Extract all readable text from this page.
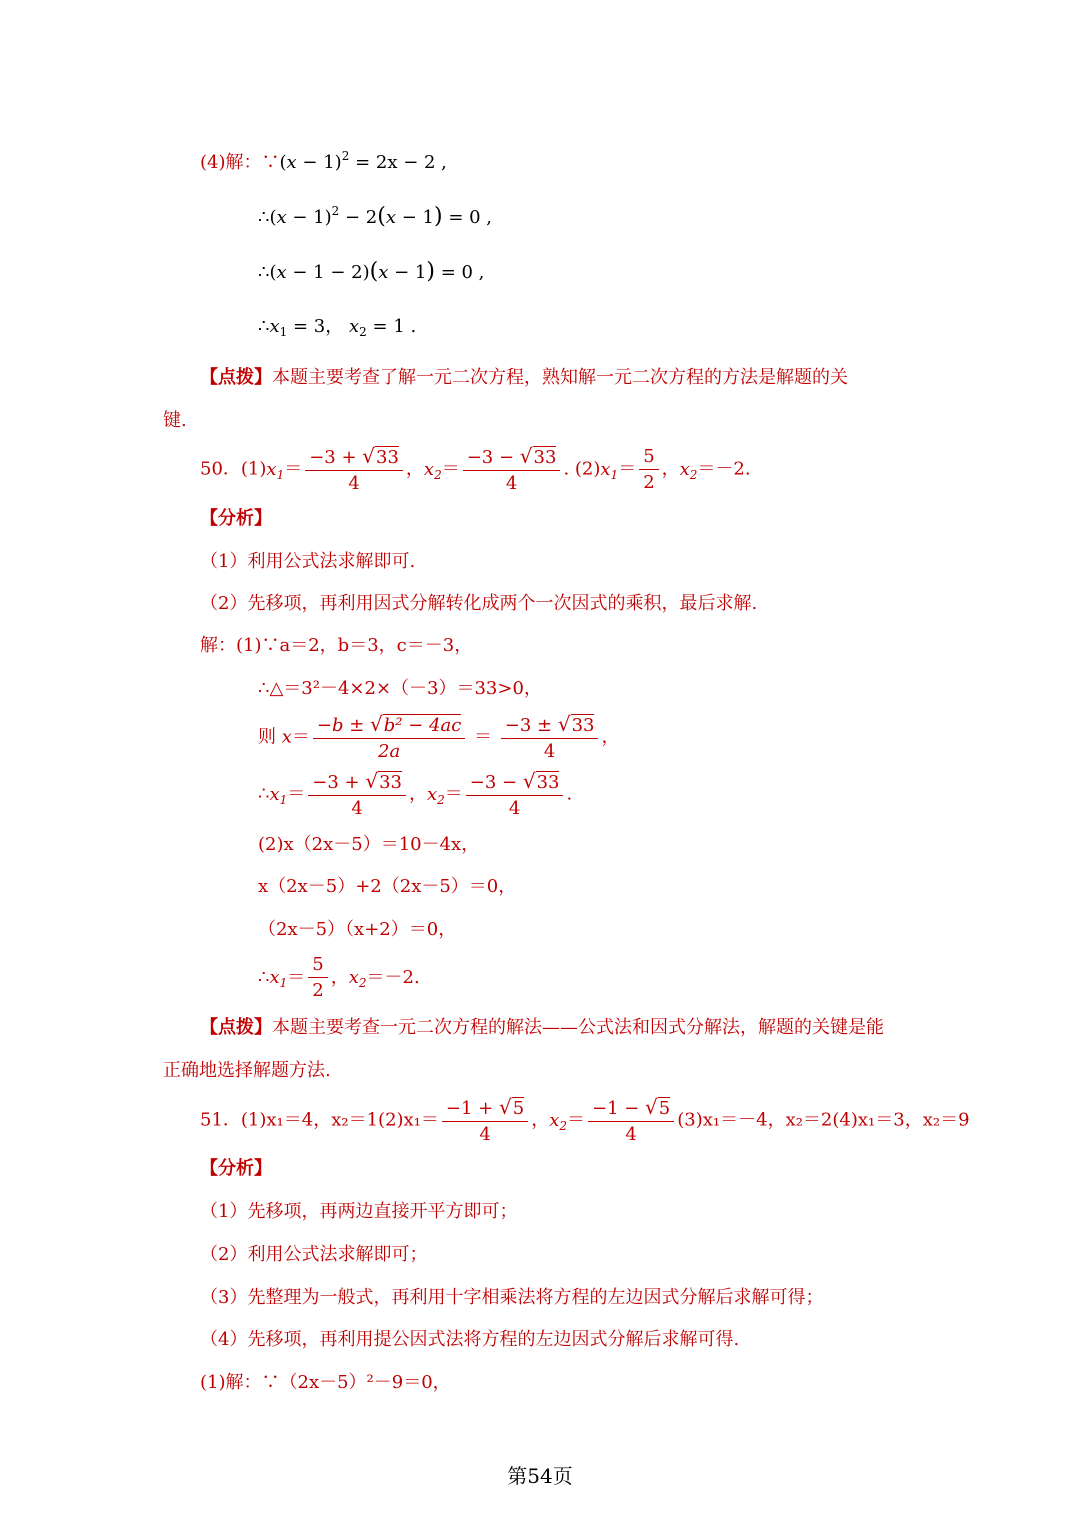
(4)解：∵(x − 1)$^2$ = 2x − 2 ,
∴(x − 1)$^2$ − 2(x − 1) = 0 ,
∴(x − 1 − 2)(x − 1) = 0 ,
$\therefore x_1 = 3$， $x_2 = 1$ .
【点拨】本题主要考查了解一元二次方程，熟知解一元二次方程的方法是解题的关
键.
50．$(1)x_1= \frac{-3 + √33}{4}$ ，$x_2= \frac{-3 - √33}{4}$ . $(2)x_1= \frac{5}{2}$ ，$x_2=-2$.
【分析】
（1）利用公式法求解即可.
（2）先移项，再利用因式分解转化成两个一次因式的乘积，最后求解.
解：(1)∵a＝2，b＝3，c＝－3，
∴△＝3²－4×2×（－3）＝33>0，
则 $x= \frac{\text{−b ± √b² − 4ac}}{2a} = \frac{-3 \pm √33}{4}$ ，
$\therefore x_1= \frac{-3 + √33}{4}$ ，$x_2= \frac{-3 - √33}{4}$ .
(2)x（2x－5）＝10－4x，
x（2x－5）+2（2x－5）＝0，
（2x－5）（x+2）＝0，
$\therefore x_1= \frac{5}{2}$ ，$x_2=-2$.
【点拨】本题主要考查一元二次方程的解法——公式法和因式分解法，解题的关键是能
正确地选择解题方法.
51．(1)x₁＝4，$x_2=1(2)x_1= \frac{-1 + √5}{4}$ ，$x_2= \frac{-1 - √5}{4} (3)x_1=-4$，x₂＝2(4)x₁＝3，x₂＝9
【分析】
（1）先移项，再两边直接开平方即可；
（2）利用公式法求解即可；
（3）先整理为一般式，再利用十字相乘法将方程的左边因式分解后求解可得；
（4）先移项，再利用提公因式法将方程的左边因式分解后求解可得.
(1)解：∵（2x－5）²－9＝0，
第54页
